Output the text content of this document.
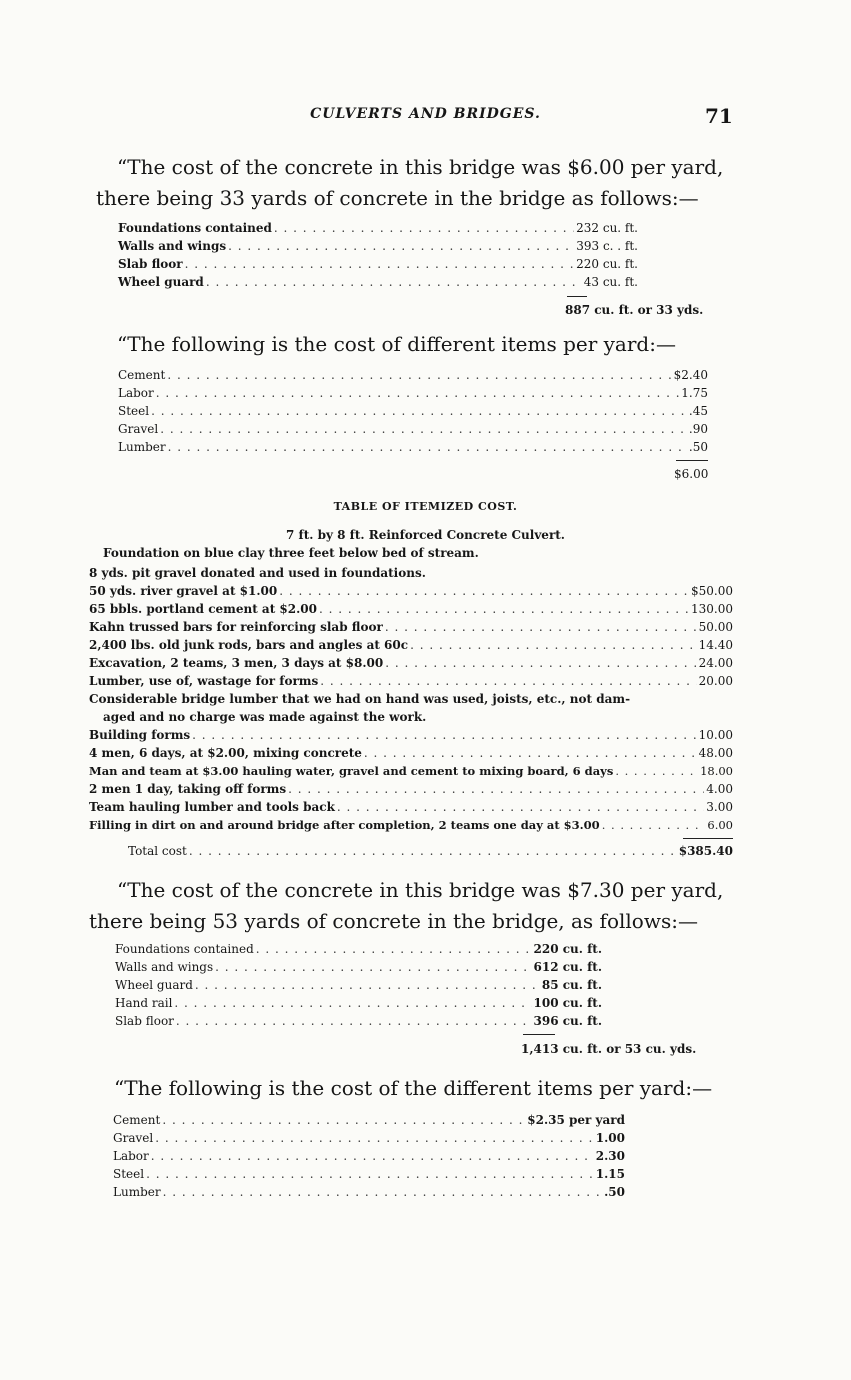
CULVERTS AND BRIDGES.	71
“The cost of the concrete in this bridge was $6.00 per yard,
there being 33 yards of concrete in the bridge as follows:—
Foundations contained . . .	232 cu. ft.
Walls and wings . . .	393 c. . ft.
Slab floor . . .	220 cu. ft.
Wheel guard . . .	43 cu. ft.
887 cu. ft. or 33 yds.
“The following is the cost of different items per yard:—
Cement . . .	$2.40
Labor . . .	1.75
Steel . . .	.45
Gravel . . .	.90
Lumber . . .	.50
$6.00
TABLE OF ITEMIZED COST.
7 ft. by 8 ft. Reinforced Concrete Culvert.
Foundation on blue clay three feet below bed of stream.
8 yds. pit gravel donated and used in foundations.
50 yds. river gravel at $1.00 . . .	$50.00
65 bbls. portland cement at $2.00 . . .	130.00
Kahn trussed bars for reinforcing slab floor . . .	50.00
2,400 lbs. old junk rods, bars and angles at 60c . . .	14.40
Excavation, 2 teams, 3 men, 3 days at $8.00 . . .	24.00
Lumber, use of, wastage for forms . . .	20.00
Considerable bridge lumber that we had on hand was used, joists, etc., not dam-
aged and no charge was made against the work.
Building forms . . .	10.00
4 men, 6 days, at $2.00, mixing concrete . . .	48.00
Man and team at $3.00 hauling water, gravel and cement to mixing board, 6 days . . .	18.00
2 men 1 day, taking off forms . . .	4.00
Team hauling lumber and tools back . . .	3.00
Filling in dirt on and around bridge after completion, 2 teams one day at $3.00 . . .	6.00
Total cost . . .	$385.40
“The cost of the concrete in this bridge was $7.30 per yard,
there being 53 yards of concrete in the bridge, as follows:—
Foundations contained . . .	220 cu. ft.
Walls and wings . . .	612 cu. ft.
Wheel guard . . .	85 cu. ft.
Hand rail . . .	100 cu. ft.
Slab floor . . .	396 cu. ft.
1,413 cu. ft. or 53 cu. yds.
“The following is the cost of the different items per yard:—
Cement . . .	$2.35 per yard
Gravel . . .	1.00
Labor . . .	2.30
Steel . . .	1.15
Lumber . . .	.50
